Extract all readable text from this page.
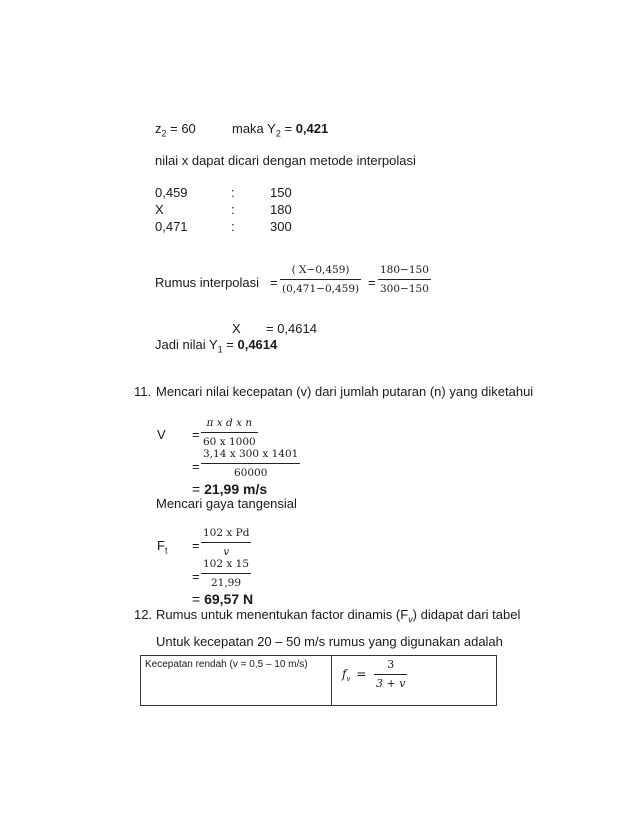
$z_2 = 60$	maka $Y_2 = 0,421$
nilai x dapat dicari dengan metode interpolasi
0,459	:	150
X	:	180
0,471	:	300
Rumus interpolasi =
( X−0,459)
(0,471−0,459) =
180−150
300−150
X = 0,4614
Jadi nilai $Y_1 = 0,4614$
11. Mencari nilai kecepatan (v) dari jumlah putaran (n) yang diketahui
V =
π x d x n
60 x 1000
=
3,14 x 300 x 1401
60000
= 21,99 m/s
Mencari gaya tangensial
$F_t$ =
102 x Pd
v
=
102 x 15
21,99
= 69,57 N
12. Rumus untuk menentukan factor dinamis $(F_v)$ didapat dari tabel
Untuk kecepatan 20 – 50 m/s rumus yang digunakan adalah
Kecepatan rendah (v = 0,5 – 10 m/s)	
$f_v$ =
3
3 + v
